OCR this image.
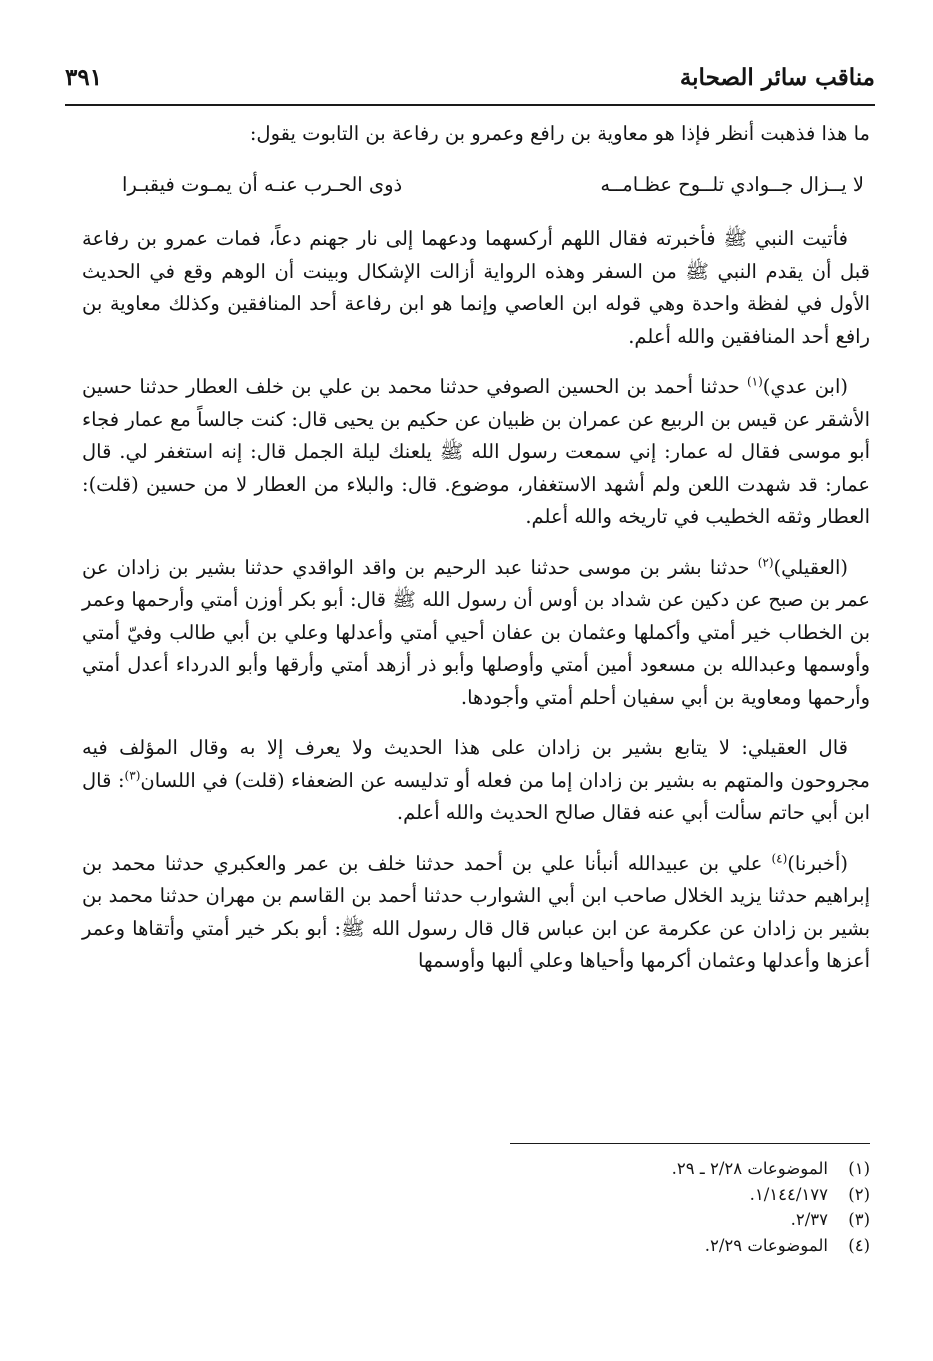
مناقب سائر الصحابة
٣٩١

ما هذا فذهبت أنظر فإذا هو معاوية بن رافع وعمرو بن رفاعة بن التابوت يقول:

لا يــزال جــوادي تلــوح عظـامــه
ذوى الحـرب عنـه أن يمـوت فيقبـرا

فأتيت النبي ﷺ فأخبرته فقال اللهم أركسهما ودعهما إلى نار جهنم دعاً، فمات عمرو بن رفاعة قبل أن يقدم النبي ﷺ من السفر وهذه الرواية أزالت الإشكال وبينت أن الوهم وقع في الحديث الأول في لفظة واحدة وهي قوله ابن العاصي وإنما هو ابن رفاعة أحد المنافقين وكذلك معاوية بن رافع أحد المنافقين والله أعلم.

(ابن عدي)$^{(١)}$ حدثنا أحمد بن الحسين الصوفي حدثنا محمد بن علي بن خلف العطار حدثنا حسين الأشقر عن قيس بن الربيع عن عمران بن ظبيان عن حكيم بن يحيى قال: كنت جالساً مع عمار فجاء أبو موسى فقال له عمار: إني سمعت رسول الله ﷺ يلعنك ليلة الجمل قال: إنه استغفر لي. قال عمار: قد شهدت اللعن ولم أشهد الاستغفار، موضوع. قال: والبلاء من العطار لا من حسين (قلت): العطار وثقه الخطيب في تاريخه والله أعلم.

(العقيلي)$^{(٢)}$ حدثنا بشر بن موسى حدثنا عبد الرحيم بن واقد الواقدي حدثنا بشير بن زادان عن عمر بن صبح عن دكين عن شداد بن أوس أن رسول الله ﷺ قال: أبو بكر أوزن أمتي وأرحمها وعمر بن الخطاب خير أمتي وأكملها وعثمان بن عفان أحيي أمتي وأعدلها وعلي بن أبي طالب وفيّ أمتي وأوسمها وعبدالله بن مسعود أمين أمتي وأوصلها وأبو ذر أزهد أمتي وأرقها وأبو الدرداء أعدل أمتي وأرحمها ومعاوية بن أبي سفيان أحلم أمتي وأجودها.

قال العقيلي: لا يتابع بشير بن زادان على هذا الحديث ولا يعرف إلا به وقال المؤلف فيه مجروحون والمتهم به بشير بن زادان إما من فعله أو تدليسه عن الضعفاء (قلت) في اللسان$^{(٣)}$: قال ابن أبي حاتم سألت أبي عنه فقال صالح الحديث والله أعلم.

(أخبرنا)$^{(٤)}$ علي بن عبيدالله أنبأنا علي بن أحمد حدثنا خلف بن عمر والعكبري حدثنا محمد بن إبراهيم حدثنا يزيد الخلال صاحب ابن أبي الشوارب حدثنا أحمد بن القاسم بن مهران حدثنا محمد بن بشير بن زادان عن عكرمة عن ابن عباس قال قال رسول الله ﷺ: أبو بكر خير أمتي وأتقاها وعمر أعزها وأعدلها وعثمان أكرمها وأحياها وعلي ألبها وأوسمها

(١)الموضوعات ٢/٢٨ ـ ٢٩.
(٢)١/١٤٤/١٧٧.
(٣)٢/٣٧.
(٤)الموضوعات ٢/٢٩.
